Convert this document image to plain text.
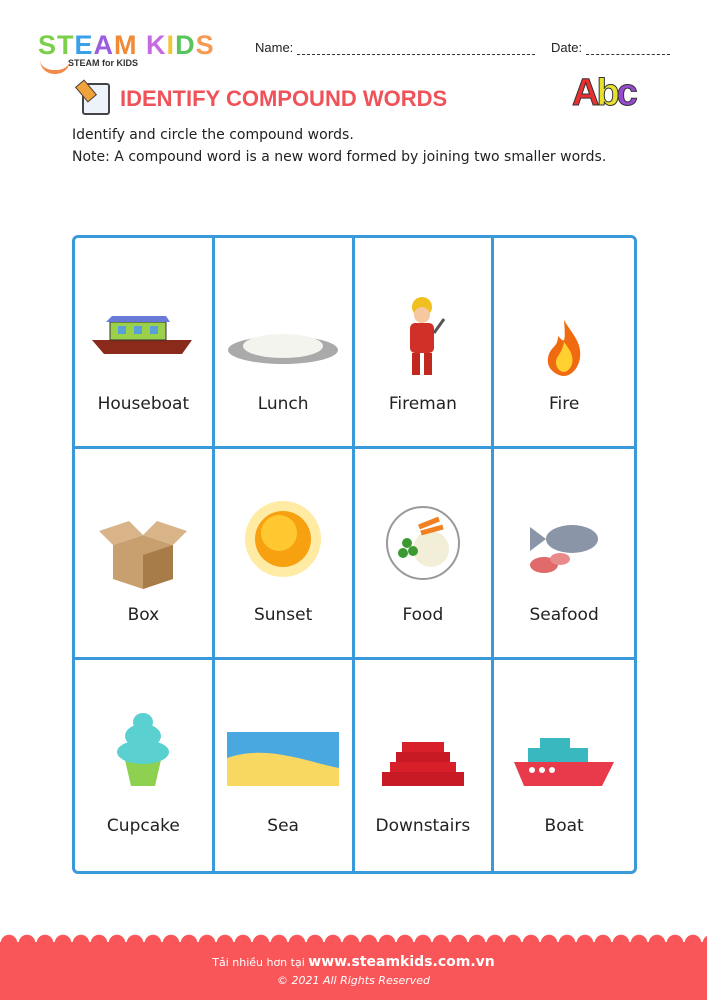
STEAM KIDS
STEAM for KIDS
Name:	Date:
IDENTIFY COMPOUND WORDS	Abc
Identify and circle the compound words.
Note: A compound word is a new word formed by joining two smaller words.
Houseboat	Lunch	Fireman	Fire
Box	Sunset	Food	Seafood
Cupcake	Sea	Downstairs	Boat
Tải nhiều hơn tại www.steamkids.com.vn
© 2021 All Rights Reserved
